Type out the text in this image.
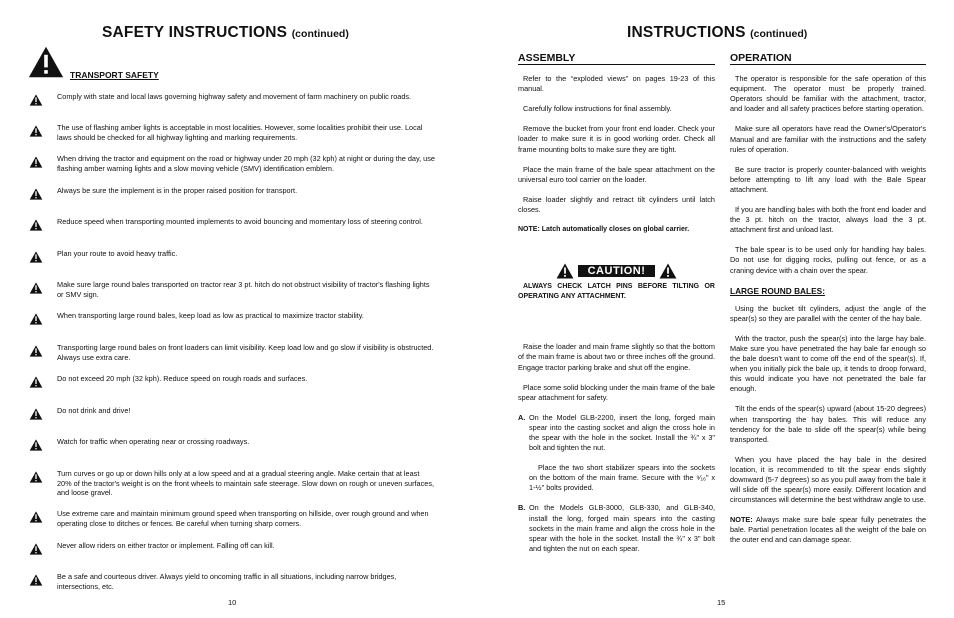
SAFETY INSTRUCTIONS (continued)
TRANSPORT SAFETY
Comply with state and local laws governing highway safety and movement of farm machinery on public roads.
The use of flashing amber lights is acceptable in most localities. However, some localities prohibit their use. Local laws should be checked for all highway lighting and marking requirements.
When driving the tractor and equipment on the road or highway under 20 mph (32 kph) at night or during the day, use flashing amber warning lights and a slow moving vehicle (SMV) identification emblem.
Always be sure the implement is in the proper raised position for transport.
Reduce speed when transporting mounted implements to avoid bouncing and momentary loss of steering control.
Plan your route to avoid heavy traffic.
Make sure large round bales transported on tractor rear 3 pt. hitch do not obstruct visibility of tractor's flashing lights or SMV sign.
When transporting large round bales, keep load as low as practical to maximize tractor stability.
Transporting large round bales on front loaders can limit visibility. Keep load low and go slow if visibility is obstructed. Always use extra care.
Do not exceed 20 mph (32 kph). Reduce speed on rough roads and surfaces.
Do not drink and drive!
Watch for traffic when operating near or crossing roadways.
Turn curves or go up or down hills only at a low speed and at a gradual steering angle. Make certain that at least 20% of the tractor's weight is on the front wheels to maintain safe steerage. Slow down on rough or uneven surfaces, and loose gravel.
Use extreme care and maintain minimum ground speed when transporting on hillside, over rough ground and when operating close to ditches or fences. Be careful when turning sharp corners.
Never allow riders on either tractor or implement. Falling off can kill.
Be a safe and courteous driver. Always yield to oncoming traffic in all situations, including narrow bridges, intersections, etc.
10
INSTRUCTIONS (continued)
ASSEMBLY

Refer to the “exploded views” on pages 19-23 of this manual.

Carefully follow instructions for final assembly.

Remove the bucket from your front end loader. Check your loader to make sure it is in good working order. Check all frame mounting bolts to make sure they are tight.

Place the main frame of the bale spear attachment on the universal euro tool carrier on the loader.

Raise loader slightly and retract tilt cylinders until latch closes.

NOTE: Latch automatically closes on global carrier.

CAUTION!

ALWAYS CHECK LATCH PINS BEFORE TILTING OR OPERATING ANY ATTACHMENT.

Raise the loader and main frame slightly so that the bottom of the main frame is about two or three inches off the ground. Engage tractor parking brake and shut off the engine.

Place some solid blocking under the main frame of the bale spear attachment for safety.

A. On the Model GLB-2200, insert the long, forged main spear into the casting socket and align the cross hole in the spear with the hole in the socket. Install the ¾" x 3" bolt and tighten the nut.
Place the two short stabilizer spears into the sockets on the bottom of the main frame. Secure with the ⁹⁄₁₆" x 1-½" bolts provided.
B. On the Models GLB-3000, GLB-330, and GLB-340, install the long, forged main spears into the casting sockets in the main frame and align the cross hole in the spear with the hole in the socket. Install the ¾" x 3" bolt and tighten the nut on each spear.
OPERATION

The operator is responsible for the safe operation of this equipment. The operator must be properly trained. Operators should be familiar with the attachment, tractor, and loader and all safety practices before starting operation.

Make sure all operators have read the Owner's/Operator's Manual and are familiar with the instructions and the safety rules of operation.

Be sure tractor is properly counter-balanced with weights before attempting to lift any load with the Bale Spear attachment.

If you are handling bales with both the front end loader and the 3 pt. hitch on the tractor, always load the 3 pt. attachment first and unload last.

The bale spear is to be used only for handling hay bales. Do not use for digging rocks, pulling out fence, or as a craning device with a chain over the spear.

LARGE ROUND BALES:

Using the bucket tilt cylinders, adjust the angle of the spear(s) so they are parallel with the center of the hay bale.

With the tractor, push the spear(s) into the large hay bale. Make sure you have penetrated the hay bale far enough so the bale doesn't want to come off the end of the spear(s). If, when you initially pick the bale up, it tends to droop forward, this would indicate you have not penetrated the bale far enough.

Tilt the ends of the spear(s) upward (about 15-20 degrees) when transporting the hay bales. This will reduce any tendency for the bale to slide off the spear(s) while being transported.

When you have placed the hay bale in the desired location, it is recommended to tilt the spear ends slightly downward (5-7 degrees) so as you pull away from the bale it will slide off the spear(s) more easily. Different location and circumstances will determine the best withdraw angle to use.

NOTE: Always make sure bale spear fully penetrates the bale. Partial penetration locates all the weight of the bale on the outer end and can damage spear.

15
